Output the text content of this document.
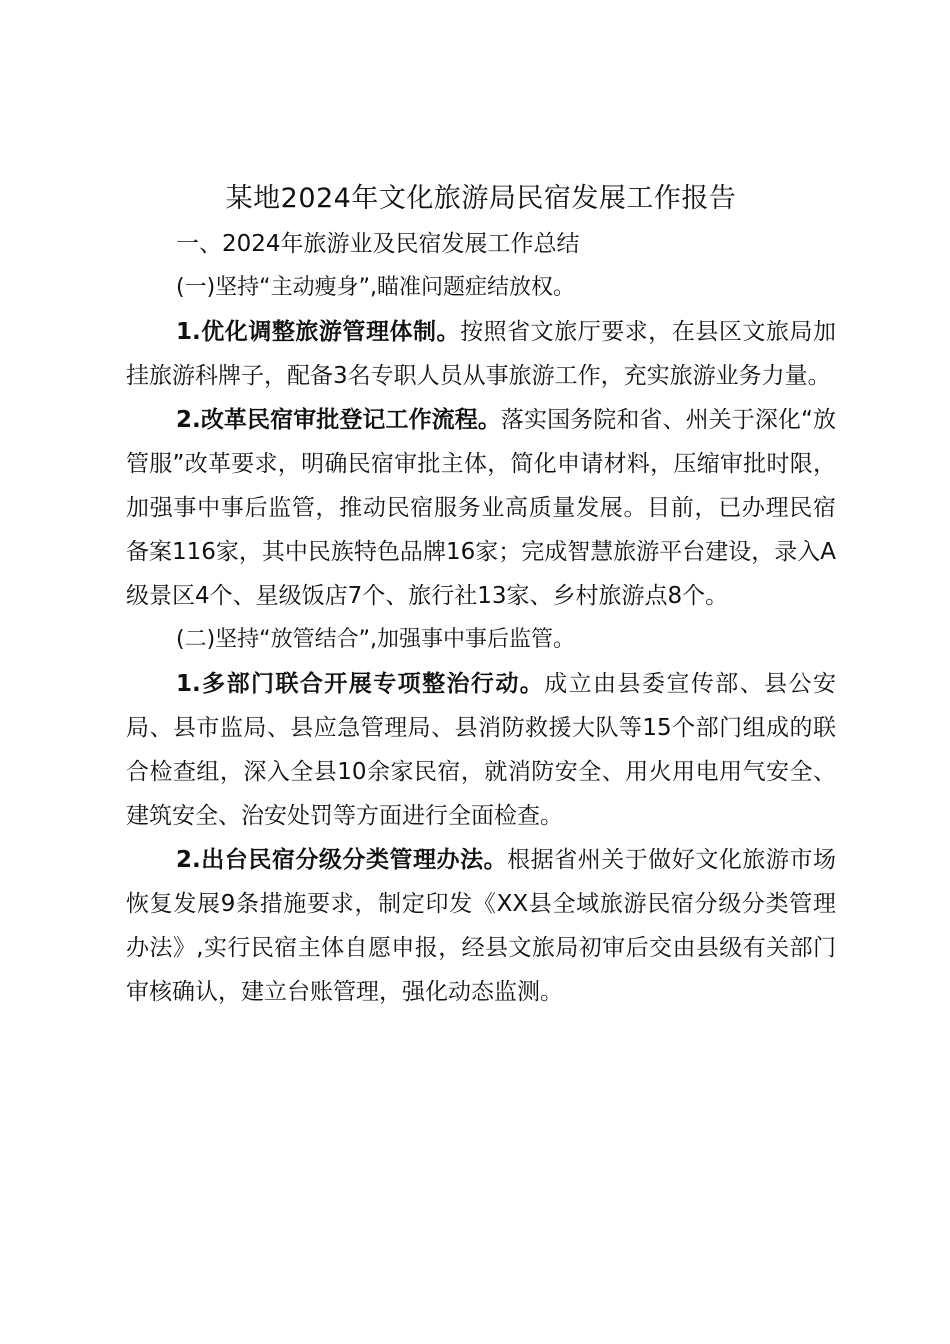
某地2024年文化旅游局民宿发展工作报告

一、2024年旅游业及民宿发展工作总结

(一)坚持“主动瘦身”,瞄准问题症结放权。

1.优化调整旅游管理体制。按照省文旅厅要求，在县区文旅局加挂旅游科牌子，配备3名专职人员从事旅游工作，充实旅游业务力量。

2.改革民宿审批登记工作流程。落实国务院和省、州关于深化“放管服”改革要求，明确民宿审批主体，简化申请材料，压缩审批时限，加强事中事后监管，推动民宿服务业高质量发展。目前，已办理民宿备案116家，其中民族特色品牌16家；完成智慧旅游平台建设，录入A级景区4个、星级饭店7个、旅行社13家、乡村旅游点8个。

(二)坚持“放管结合”,加强事中事后监管。

1.多部门联合开展专项整治行动。成立由县委宣传部、县公安局、县市监局、县应急管理局、县消防救援大队等15个部门组成的联合检查组，深入全县10余家民宿，就消防安全、用火用电用气安全、建筑安全、治安处罚等方面进行全面检查。

2.出台民宿分级分类管理办法。根据省州关于做好文化旅游市场恢复发展9条措施要求，制定印发《XX县全域旅游民宿分级分类管理办法》,实行民宿主体自愿申报，经县文旅局初审后交由县级有关部门审核确认，建立台账管理，强化动态监测。
